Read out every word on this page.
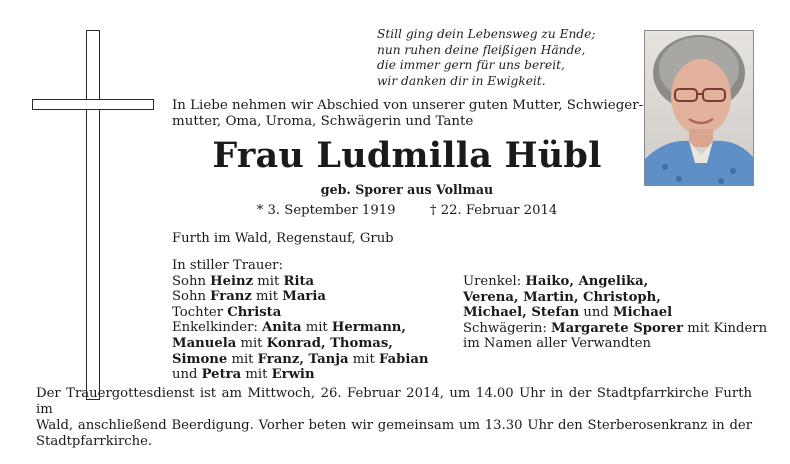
Still ging dein Lebensweg zu Ende;
nun ruhen deine fleißigen Hände,
die immer gern für uns bereit,
wir danken dir in Ewigkeit.
In Liebe nehmen wir Abschied von unserer guten Mutter, Schwieger-
mutter, Oma, Uroma, Schwägerin und Tante
Frau Ludmilla Hübl
geb. Sporer aus Vollmau
* 3. September 1919	† 22. Februar 2014
Furth im Wald, Regenstauf, Grub
In stiller Trauer:
Sohn Heinz mit Rita
Sohn Franz mit Maria
Tochter Christa
Enkelkinder: Anita mit Hermann,
Manuela mit Konrad, Thomas,
Simone mit Franz, Tanja mit Fabian
und Petra mit Erwin
Urenkel: Haiko, Angelika,
Verena, Martin, Christoph,
Michael, Stefan und Michael
Schwägerin: Margarete Sporer mit Kindern
im Namen aller Verwandten
Der Trauergottesdienst ist am Mittwoch, 26. Februar 2014, um 14.00 Uhr in der Stadtpfarrkirche Furth im
Wald, anschließend Beerdigung. Vorher beten wir gemeinsam um 13.30 Uhr den Sterberosenkranz in der
Stadtpfarrkirche.
